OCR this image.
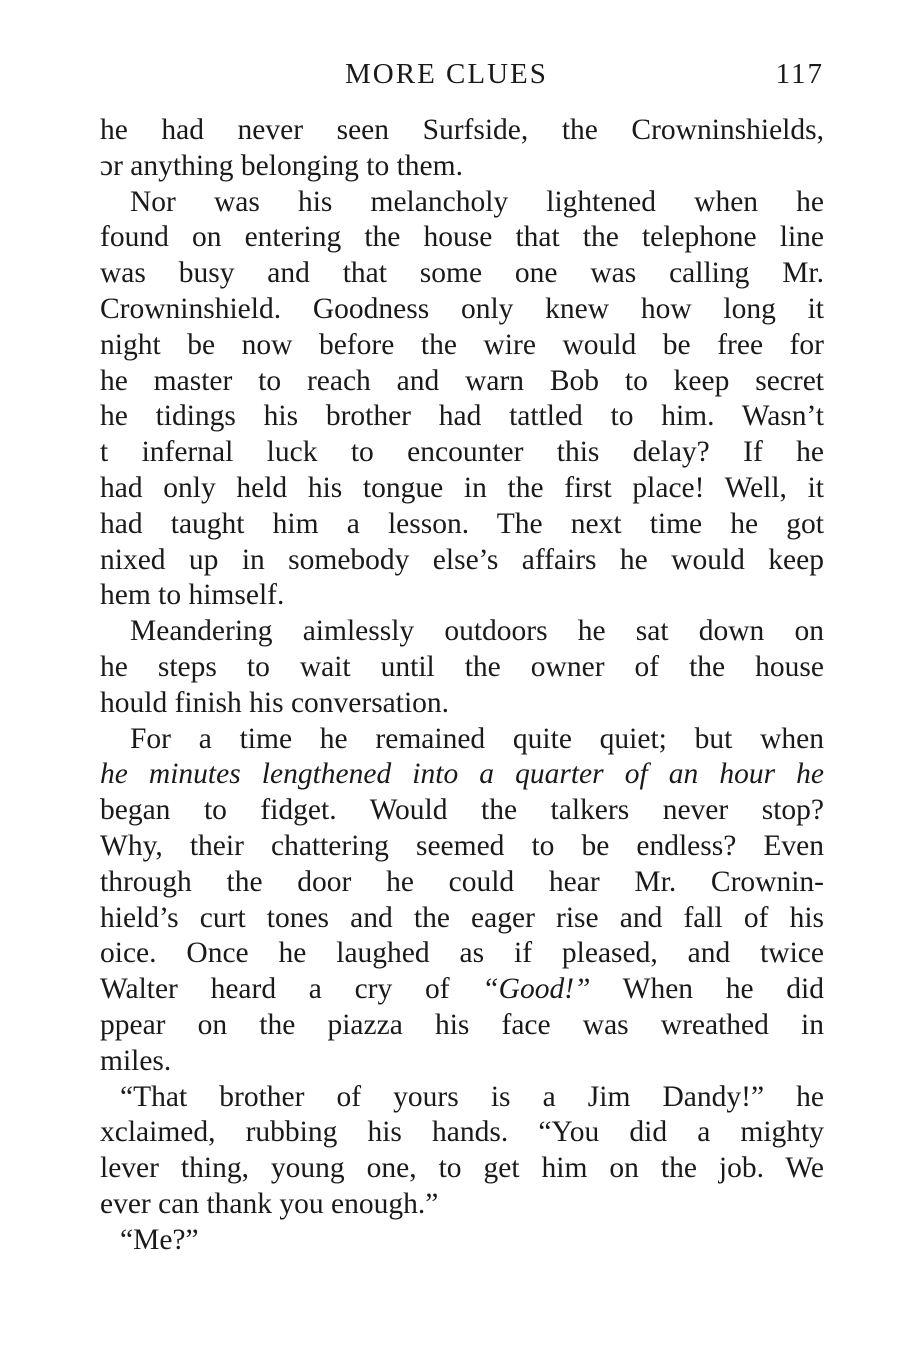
MORE CLUES	117
he had never seen Surfside, the Crowninshields,
ɔr anything belonging to them.
Nor was his melancholy lightened when he
found on entering the house that the telephone line
was busy and that some one was calling Mr.
Crowninshield. Goodness only knew how long it
night be now before the wire would be free for
he master to reach and warn Bob to keep secret
he tidings his brother had tattled to him. Wasn’t
t infernal luck to encounter this delay? If he
had only held his tongue in the first place! Well, it
had taught him a lesson. The next time he got
nixed up in somebody else’s affairs he would keep
hem to himself.
Meandering aimlessly outdoors he sat down on
he steps to wait until the owner of the house
hould finish his conversation.
For a time he remained quite quiet; but when
he minutes lengthened into a quarter of an hour he
began to fidget. Would the talkers never stop?
Why, their chattering seemed to be endless? Even
through the door he could hear Mr. Crownin-
hield’s curt tones and the eager rise and fall of his
oice. Once he laughed as if pleased, and twice
Walter heard a cry of “Good!” When he did
ppear on the piazza his face was wreathed in
miles.
“That brother of yours is a Jim Dandy!” he
xclaimed, rubbing his hands. “You did a mighty
lever thing, young one, to get him on the job. We
ever can thank you enough.”
“Me?”
